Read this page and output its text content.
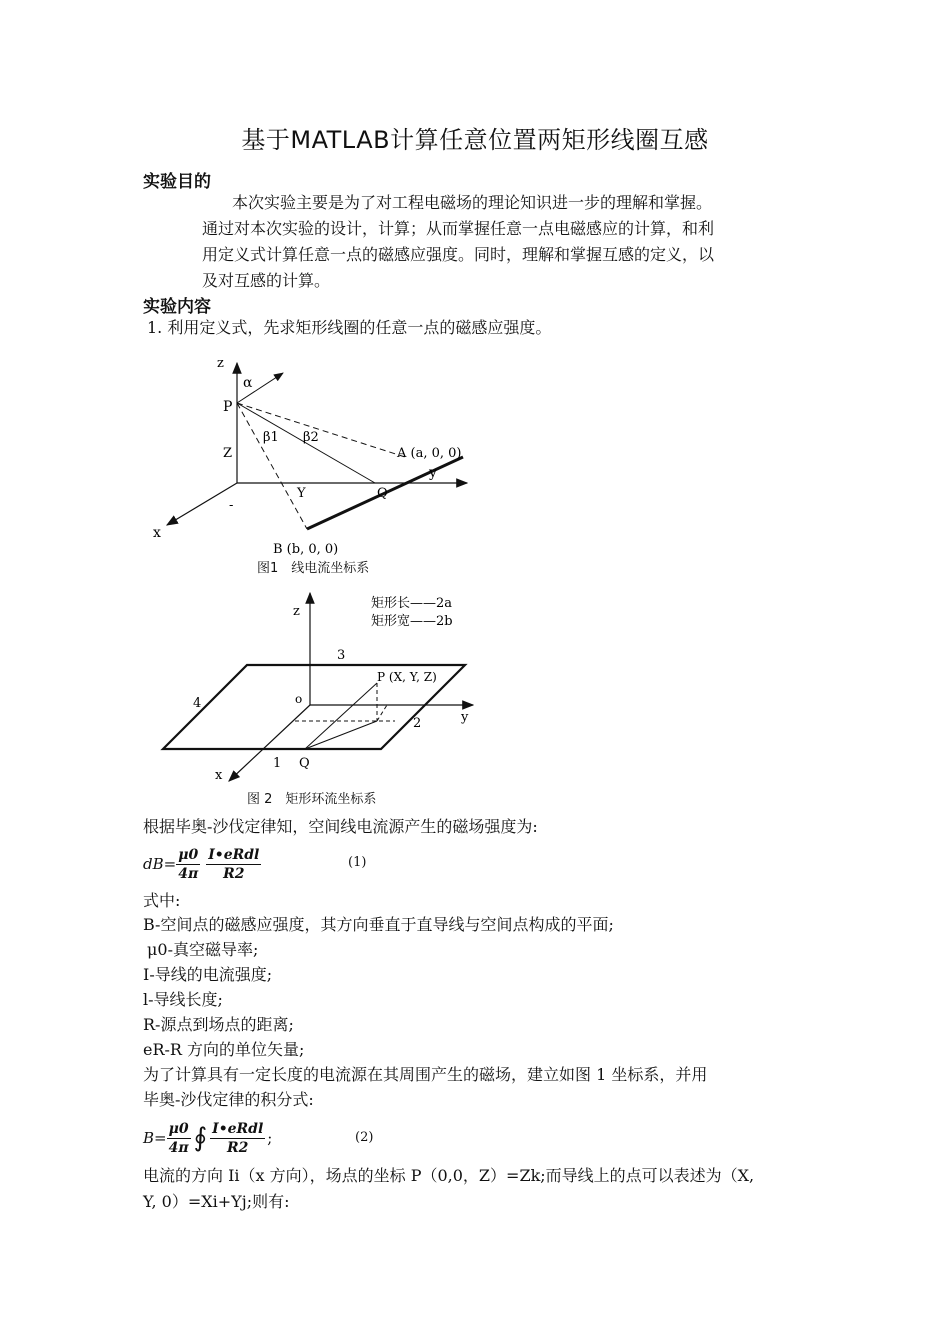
基于MATLAB计算任意位置两矩形线圈互感
实验目的
本次实验主要是为了对工程电磁场的理论知识进一步的理解和掌握。
通过对本次实验的设计，计算；从而掌握任意一点电磁感应的计算，和利
用定义式计算任意一点的磁感应强度。同时，理解和掌握互感的定义，以
及对互感的计算。
实验内容
1. 利用定义式，先求矩形线圈的任意一点的磁感应强度。
z
α
P
β1 β2
A (a, 0, 0)
y
Z
Y	Q
x
-
B (b, 0, 0)
图1　线电流坐标系
z
矩形长——2a
矩形宽——2b
3
P (X, Y, Z)
4	o
y
2
x
1 Q
图 2　矩形环流坐标系
根据毕奥-沙伐定律知，空间线电流源产生的磁场强度为:
$dB= \frac{\mu 0}{4\pi} \frac{\text{I•eRdl}}{R2}$	(1)
式中:
B-空间点的磁感应强度，其方向垂直于直导线与空间点构成的平面;
μ0-真空磁导率;
I-导线的电流强度;
l-导线长度;
R-源点到场点的距离;
eR-R 方向的单位矢量;
为了计算具有一定长度的电流源在其周围产生的磁场，建立如图 1 坐标系，并用
毕奥-沙伐定律的积分式:
$B= \frac{\mu 0}{4\pi}$ ∮ $\frac{\text{I•eRdl}}{R2}$ ;	(2)
电流的方向 Ii（x 方向），场点的坐标 P（0,0，Z）=Zk;而导线上的点可以表述为（X,
Y, 0）=Xi+Yj;则有:
